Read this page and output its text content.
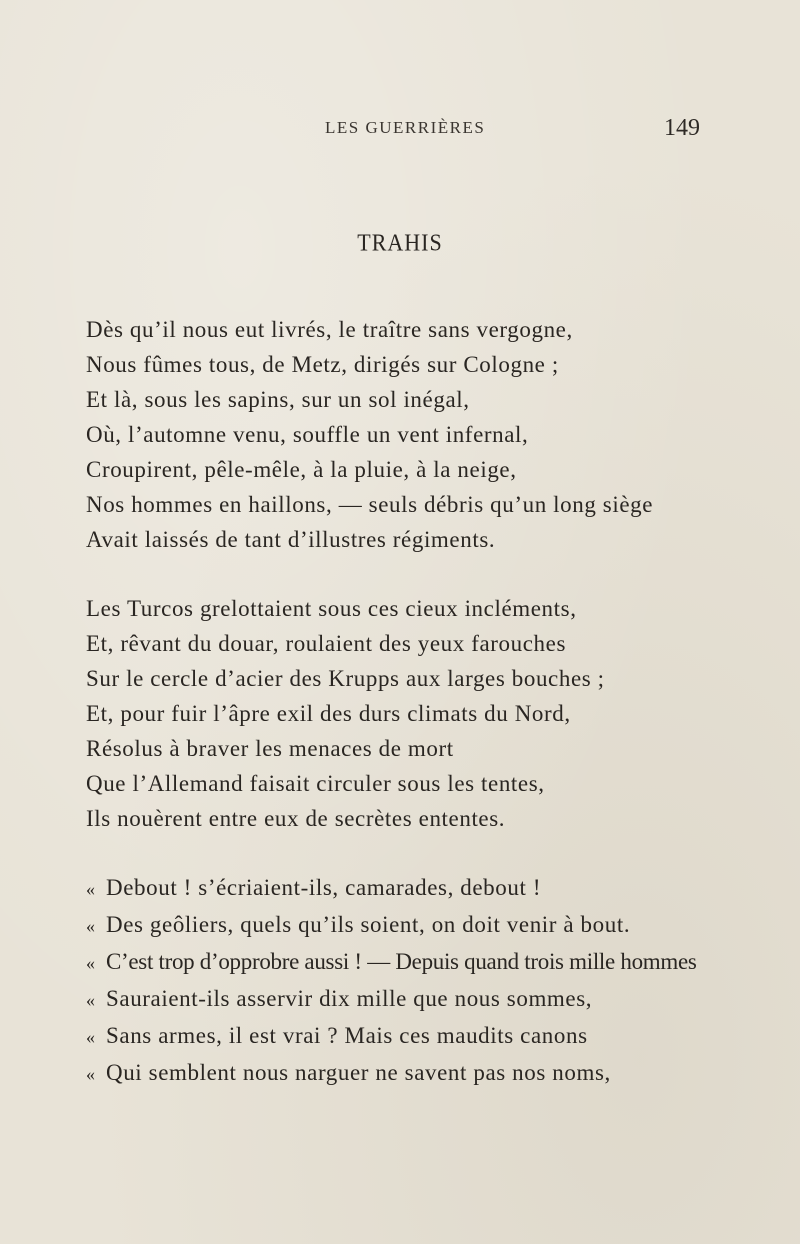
LES GUERRIÈRES	149
TRAHIS
Dès qu’il nous eut livrés, le traître sans vergogne,
Nous fûmes tous, de Metz, dirigés sur Cologne ;
Et là, sous les sapins, sur un sol inégal,
Où, l’automne venu, souffle un vent infernal,
Croupirent, pêle-mêle, à la pluie, à la neige,
Nos hommes en haillons, — seuls débris qu’un long siège
Avait laissés de tant d’illustres régiments.
Les Turcos grelottaient sous ces cieux incléments,
Et, rêvant du douar, roulaient des yeux farouches
Sur le cercle d’acier des Krupps aux larges bouches ;
Et, pour fuir l’âpre exil des durs climats du Nord,
Résolus à braver les menaces de mort
Que l’Allemand faisait circuler sous les tentes,
Ils nouèrent entre eux de secrètes ententes.
« Debout ! s’écriaient-ils, camarades, debout !
« Des geôliers, quels qu’ils soient, on doit venir à bout.
« C’est trop d’opprobre aussi ! — Depuis quand trois mille hommes
« Sauraient-ils asservir dix mille que nous sommes,
« Sans armes, il est vrai ? Mais ces maudits canons
« Qui semblent nous narguer ne savent pas nos noms,
